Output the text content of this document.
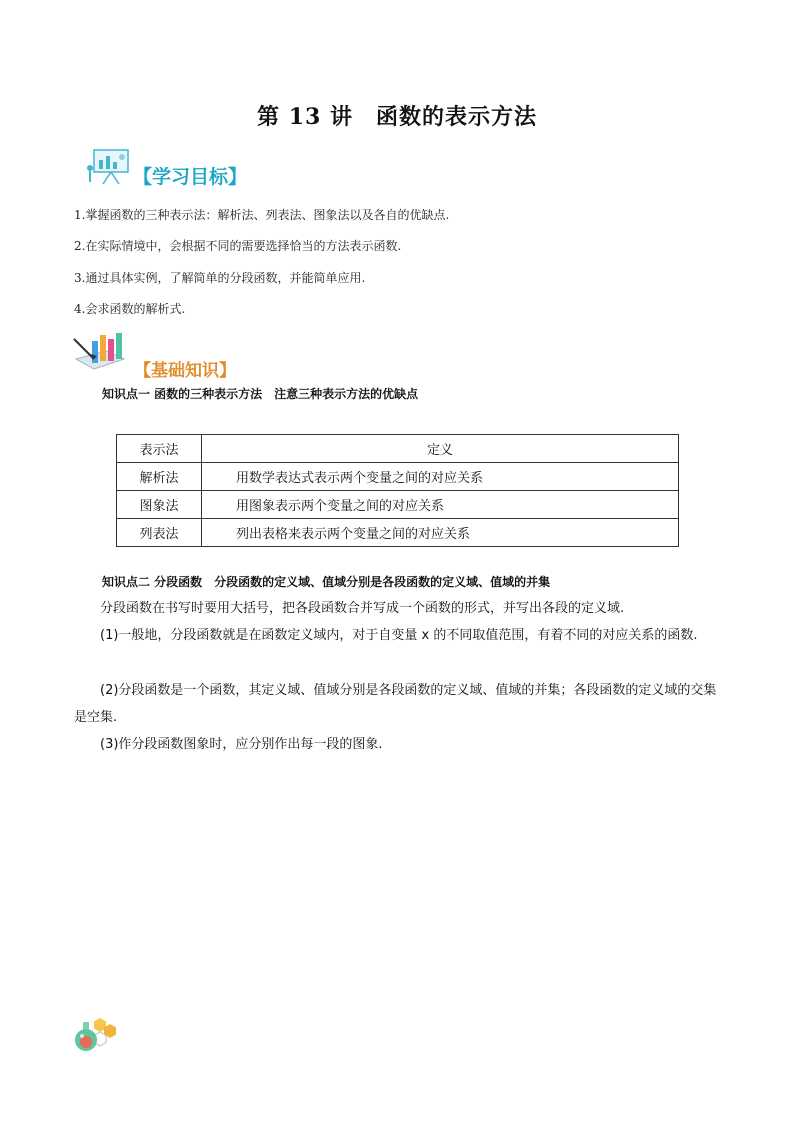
第 13 讲　函数的表示方法
【学习目标】
1.掌握函数的三种表示法：解析法、列表法、图象法以及各自的优缺点.
2.在实际情境中，会根据不同的需要选择恰当的方法表示函数.
3.通过具体实例，了解简单的分段函数，并能简单应用.
4.会求函数的解析式.
【基础知识】
知识点一 函数的三种表示方法　注意三种表示方法的优缺点
表示法	定义
解析法	用数学表达式表示两个变量之间的对应关系
图象法	用图象表示两个变量之间的对应关系
列表法	列出表格来表示两个变量之间的对应关系
知识点二 分段函数　分段函数的定义域、值域分别是各段函数的定义域、值域的并集
分段函数在书写时要用大括号，把各段函数合并写成一个函数的形式，并写出各段的定义域.
(1)一般地，分段函数就是在函数定义域内，对于自变量 x 的不同取值范围，有着不同的对应关系的函数.
(2)分段函数是一个函数，其定义域、值域分别是各段函数的定义域、值域的并集；各段函数的定义域的交集是空集.
(3)作分段函数图象时，应分别作出每一段的图象.
